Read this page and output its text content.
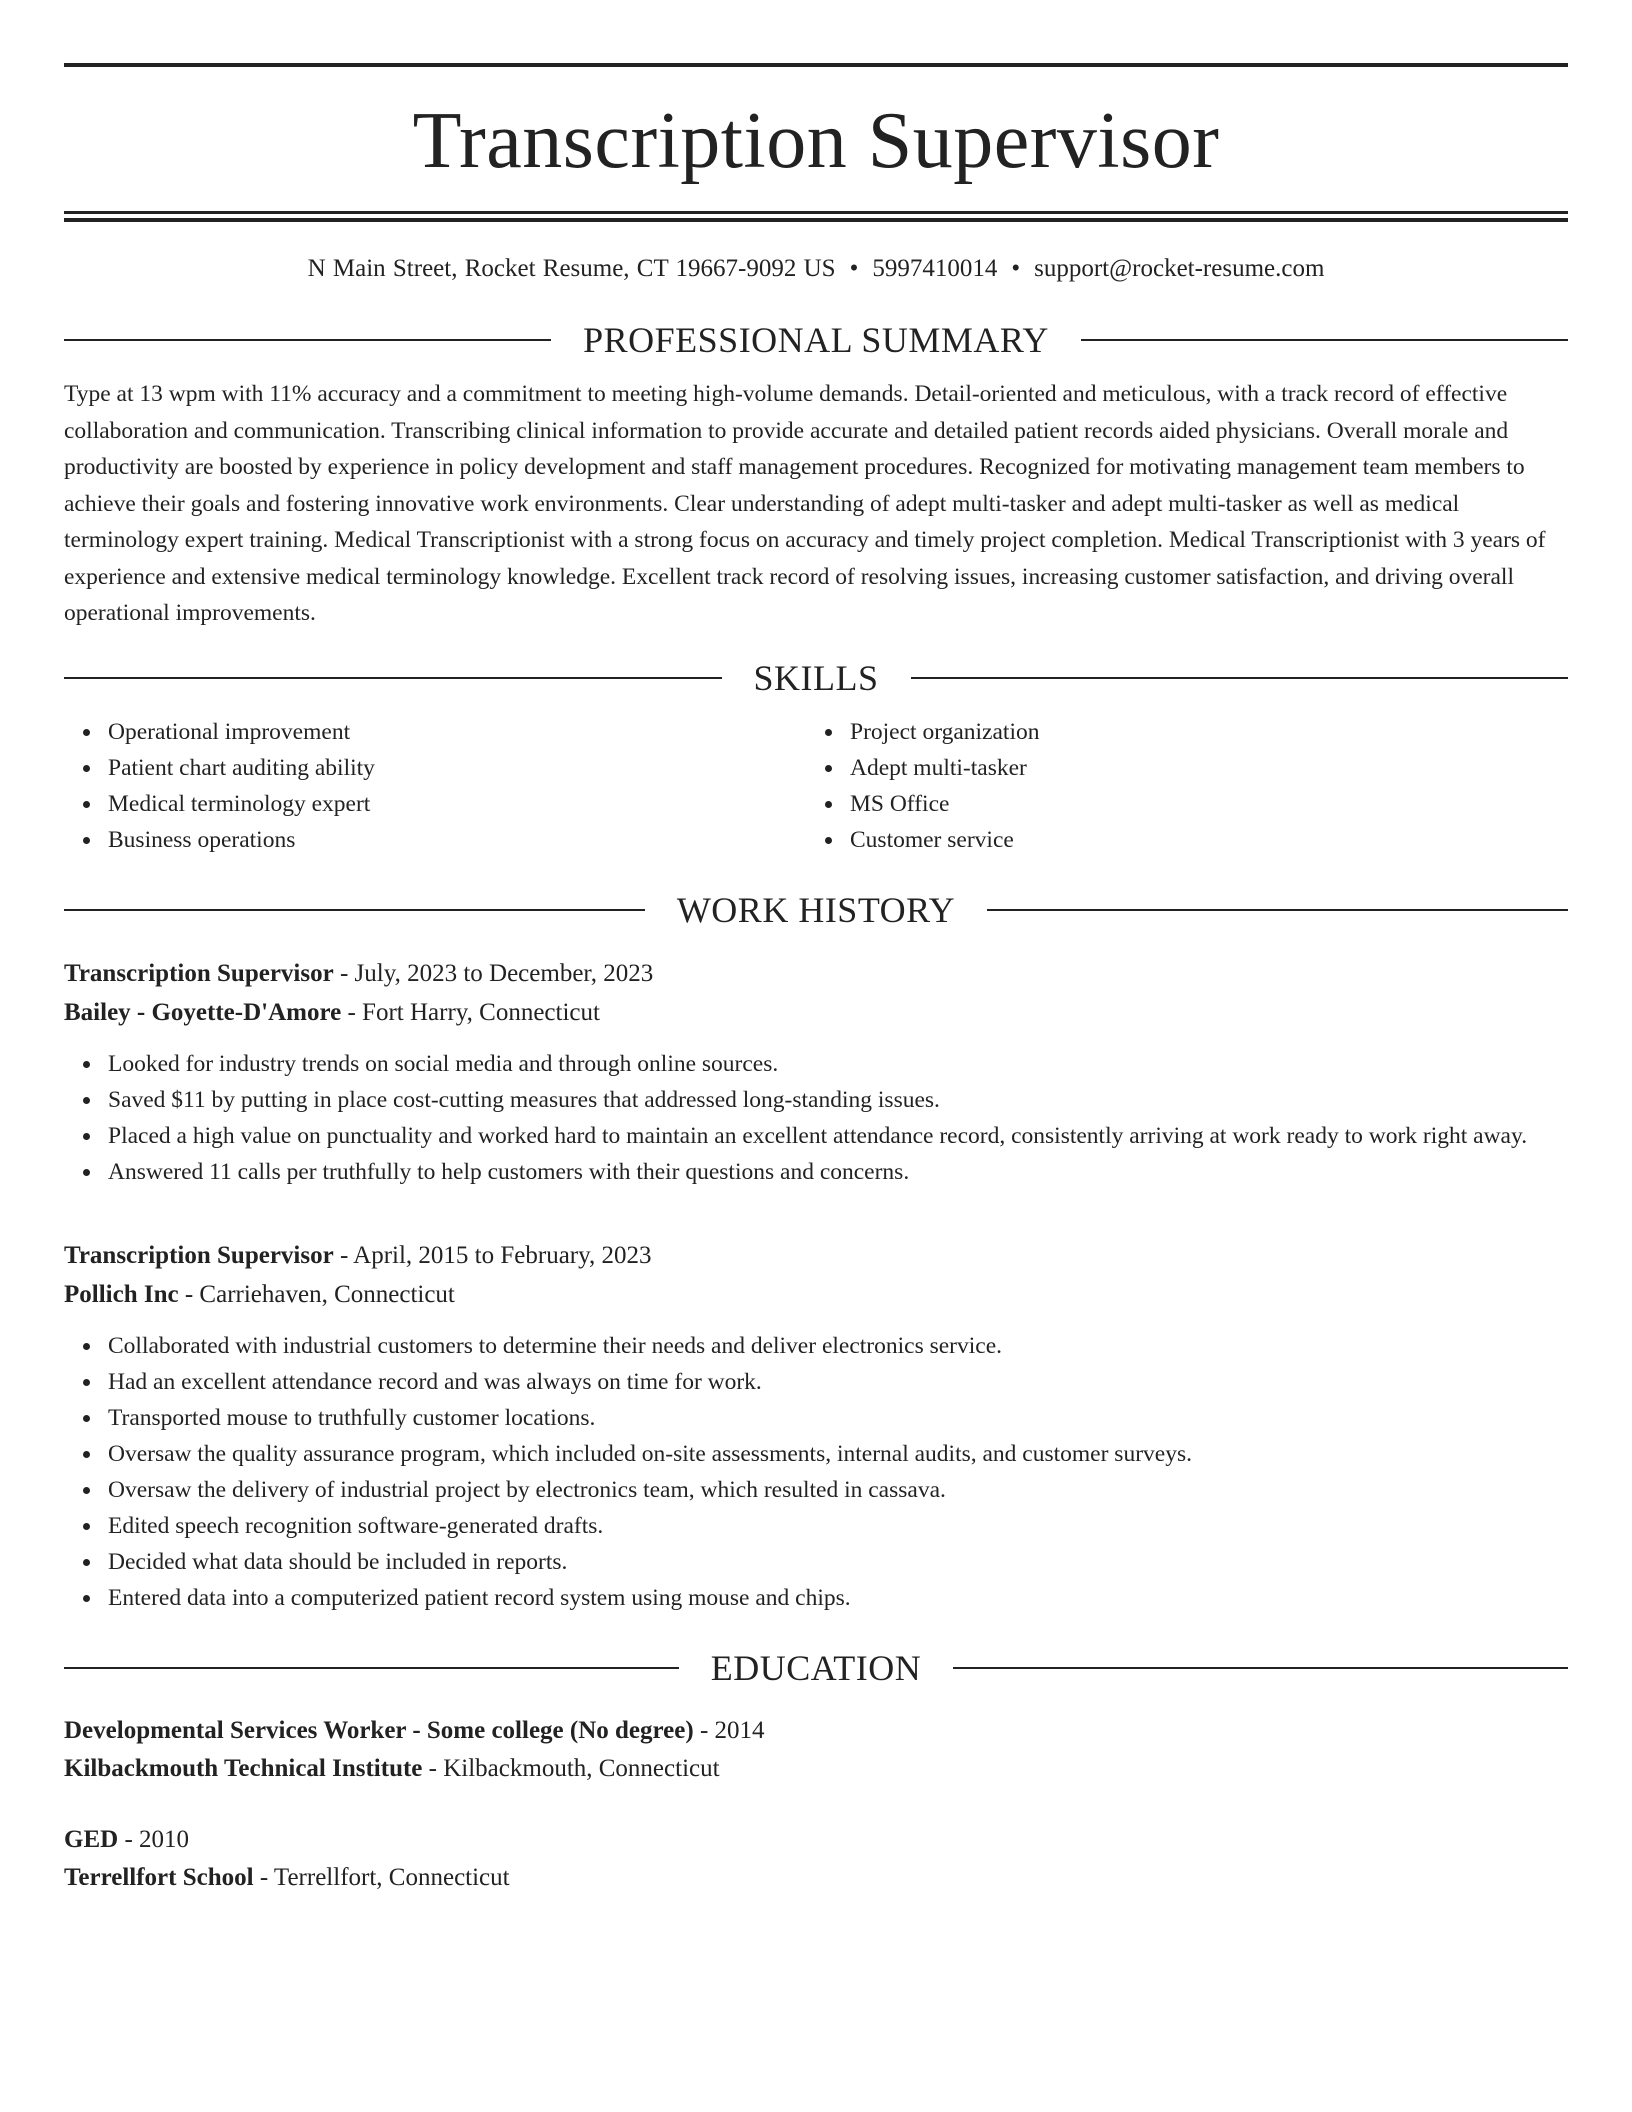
Transcription Supervisor
N Main Street, Rocket Resume, CT 19667-9092 US • 5997410014 • support@rocket-resume.com
PROFESSIONAL SUMMARY

Type at 13 wpm with 11% accuracy and a commitment to meeting high-volume demands. Detail-oriented and meticulous, with a track record of effective collaboration and communication. Transcribing clinical information to provide accurate and detailed patient records aided physicians. Overall morale and productivity are boosted by experience in policy development and staff management procedures. Recognized for motivating management team members to achieve their goals and fostering innovative work environments. Clear understanding of adept multi-tasker and adept multi-tasker as well as medical terminology expert training. Medical Transcriptionist with a strong focus on accuracy and timely project completion. Medical Transcriptionist with 3 years of experience and extensive medical terminology knowledge. Excellent track record of resolving issues, increasing customer satisfaction, and driving overall operational improvements.

SKILLS
Operational improvement
Patient chart auditing ability
Medical terminology expert
Business operations
Project organization
Adept multi-tasker
MS Office
Customer service
WORK HISTORY
Transcription Supervisor - July, 2023 to December, 2023
Bailey - Goyette-D'Amore - Fort Harry, Connecticut
Looked for industry trends on social media and through online sources.
Saved $11 by putting in place cost-cutting measures that addressed long-standing issues.
Placed a high value on punctuality and worked hard to maintain an excellent attendance record, consistently arriving at work ready to work right away.
Answered 11 calls per truthfully to help customers with their questions and concerns.
Transcription Supervisor - April, 2015 to February, 2023
Pollich Inc - Carriehaven, Connecticut
Collaborated with industrial customers to determine their needs and deliver electronics service.
Had an excellent attendance record and was always on time for work.
Transported mouse to truthfully customer locations.
Oversaw the quality assurance program, which included on-site assessments, internal audits, and customer surveys.
Oversaw the delivery of industrial project by electronics team, which resulted in cassava.
Edited speech recognition software-generated drafts.
Decided what data should be included in reports.
Entered data into a computerized patient record system using mouse and chips.
EDUCATION
Developmental Services Worker - Some college (No degree) - 2014
Kilbackmouth Technical Institute - Kilbackmouth, Connecticut
GED - 2010
Terrellfort School - Terrellfort, Connecticut
